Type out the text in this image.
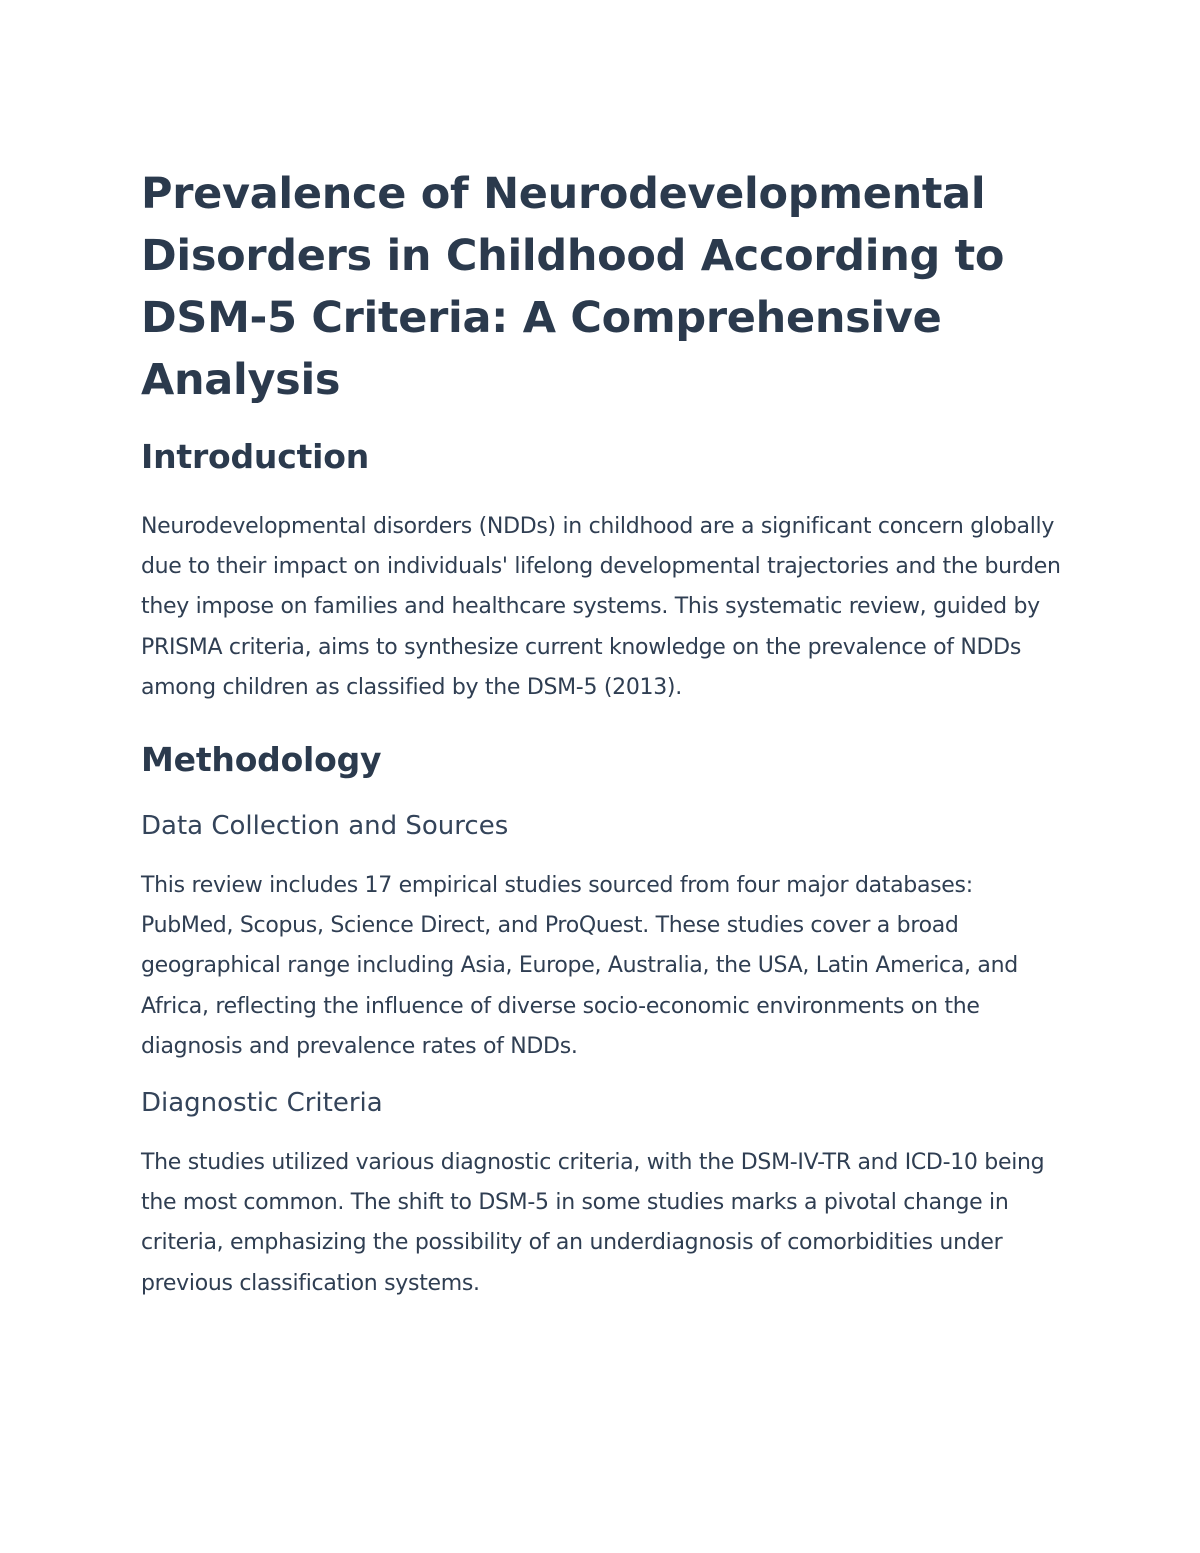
Prevalence of Neurodevelopmental Disorders in Childhood According to DSM-5 Criteria: A Comprehensive Analysis
Introduction

Neurodevelopmental disorders (NDDs) in childhood are a significant concern globally due to their impact on individuals' lifelong developmental trajectories and the burden they impose on families and healthcare systems. This systematic review, guided by PRISMA criteria, aims to synthesize current knowledge on the prevalence of NDDs among children as classified by the DSM-5 (2013).

Methodology
Data Collection and Sources

This review includes 17 empirical studies sourced from four major databases: PubMed, Scopus, Science Direct, and ProQuest. These studies cover a broad geographical range including Asia, Europe, Australia, the USA, Latin America, and Africa, reflecting the influence of diverse socio-economic environments on the diagnosis and prevalence rates of NDDs.

Diagnostic Criteria

The studies utilized various diagnostic criteria, with the DSM-IV-TR and ICD-10 being the most common. The shift to DSM-5 in some studies marks a pivotal change in criteria, emphasizing the possibility of an underdiagnosis of comorbidities under previous classification systems.
